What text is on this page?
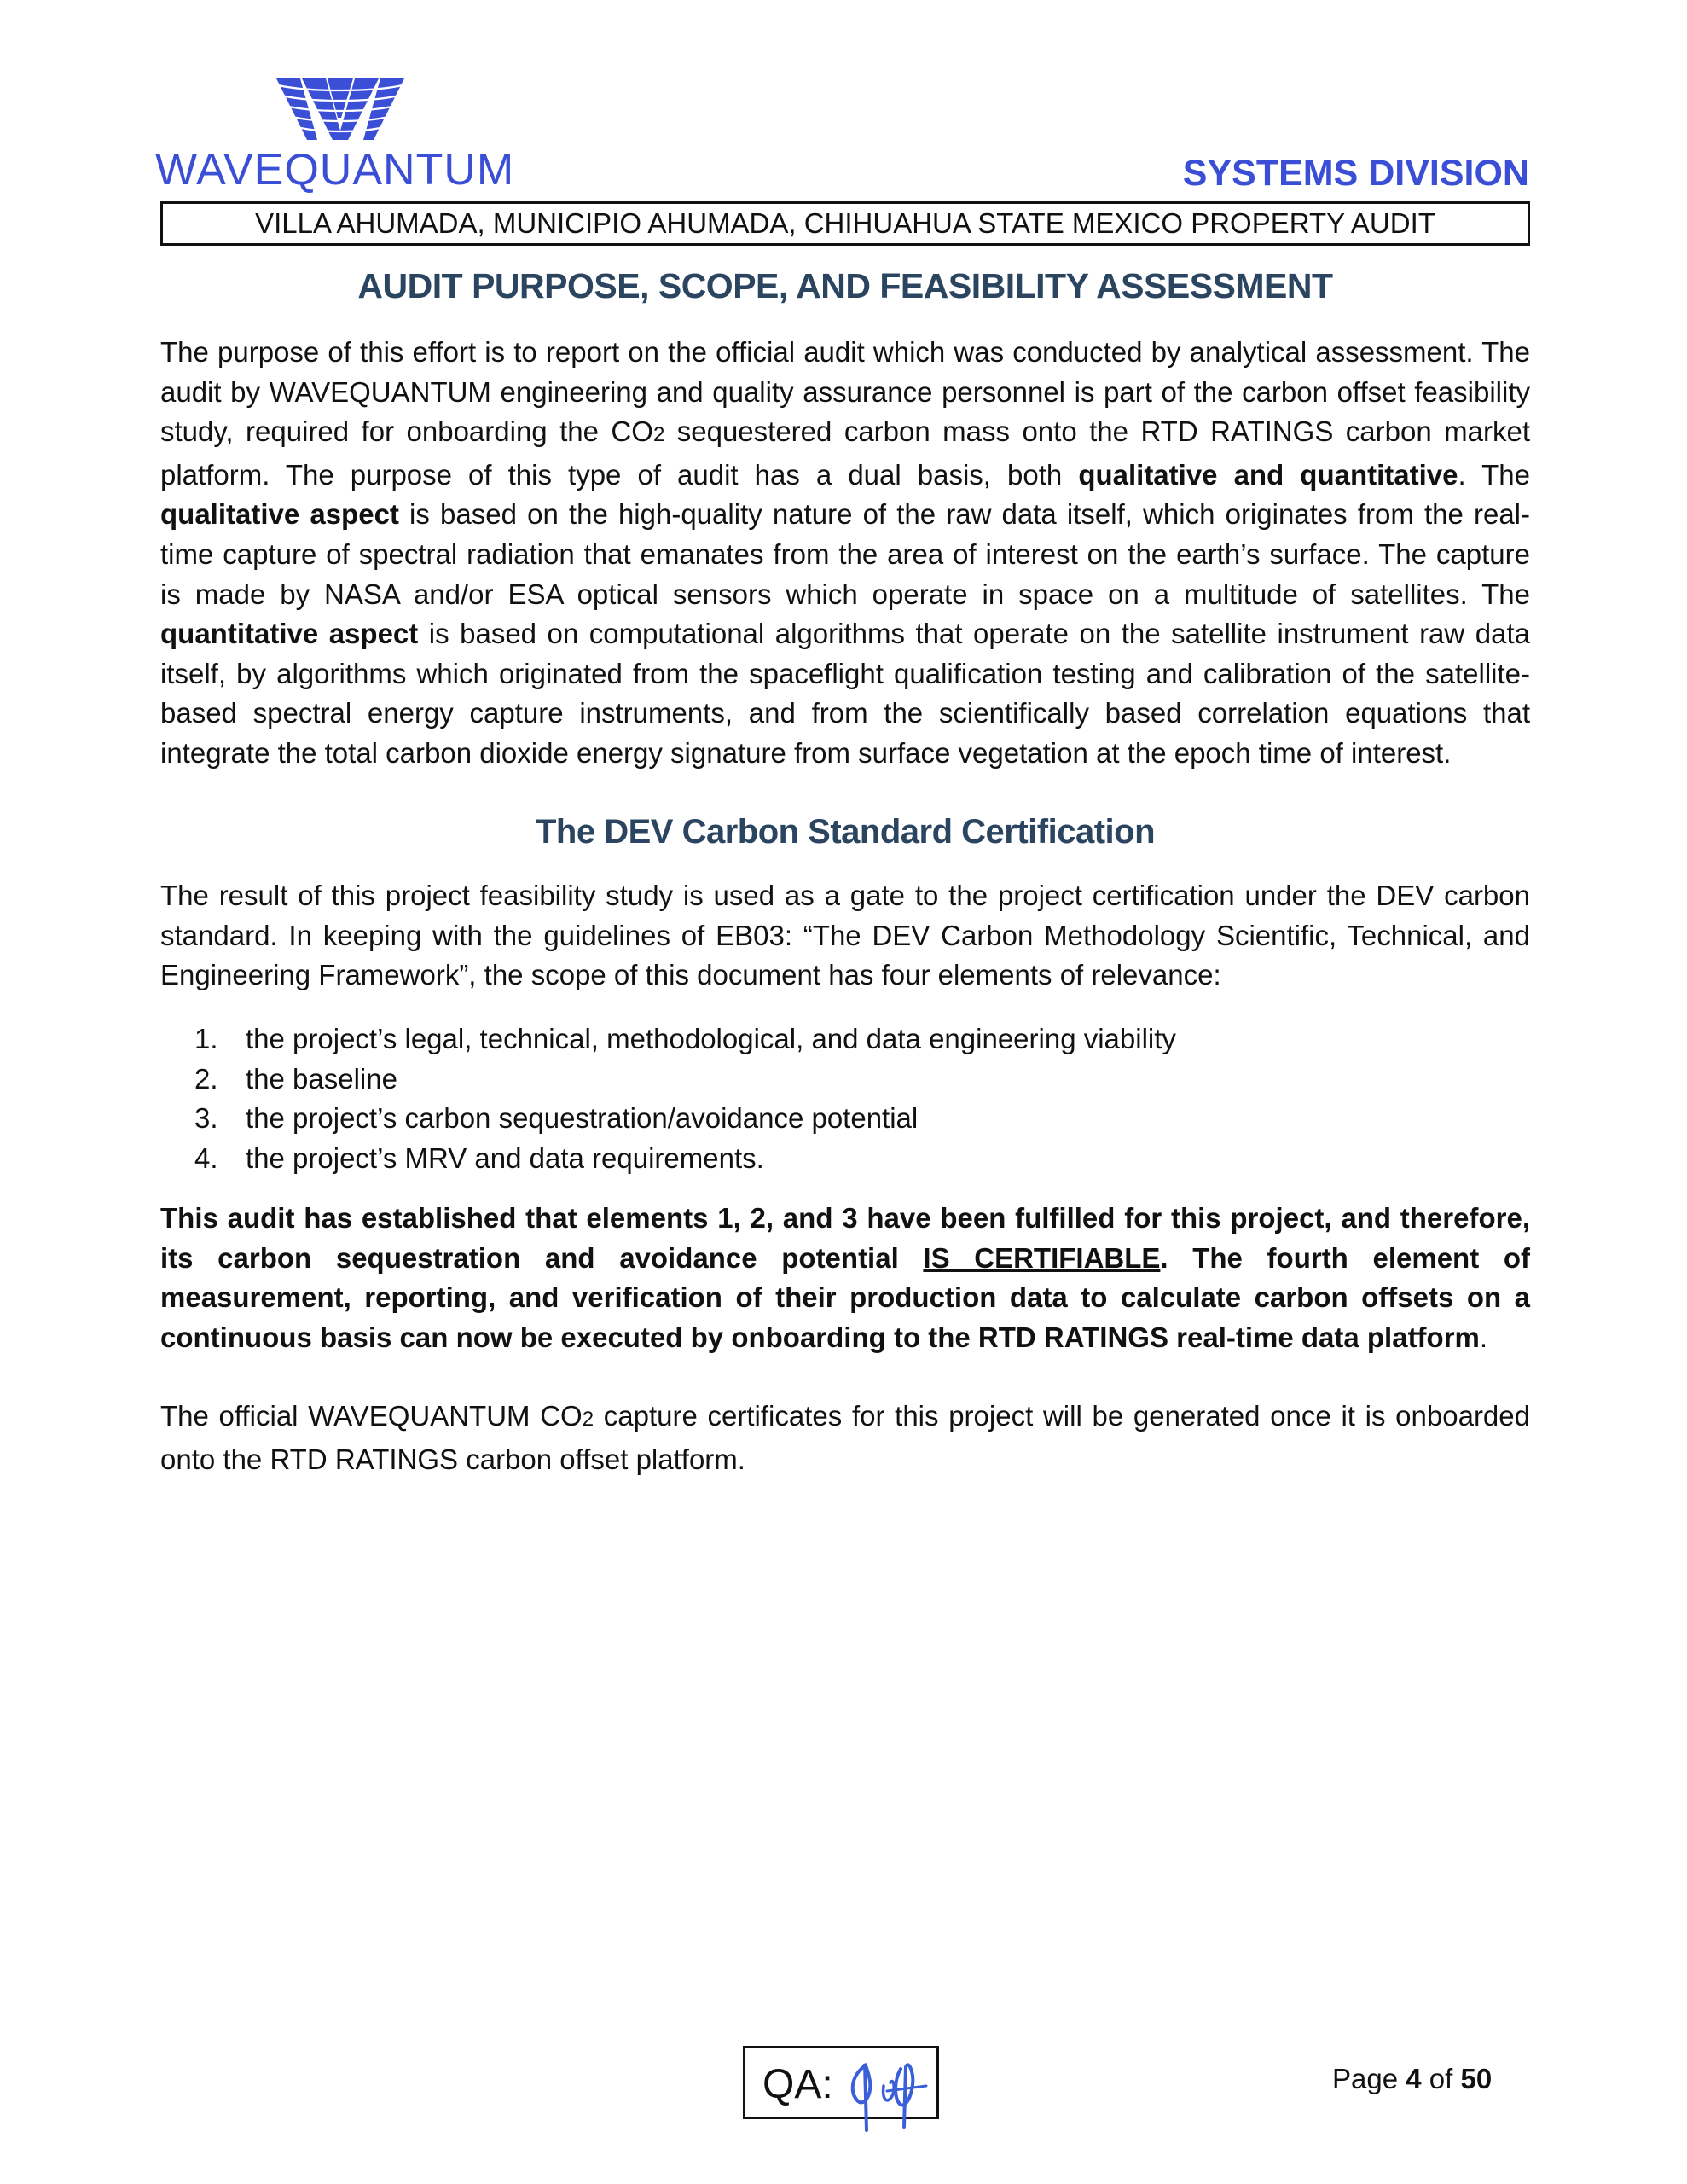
WAVEQUANTUM	SYSTEMS DIVISION
VILLA AHUMADA, MUNICIPIO AHUMADA, CHIHUAHUA STATE MEXICO PROPERTY AUDIT
AUDIT PURPOSE, SCOPE, AND FEASIBILITY ASSESSMENT

The purpose of this effort is to report on the official audit which was conducted by analytical assessment. The audit by WAVEQUANTUM engineering and quality assurance personnel is part of the carbon offset feasibility study, required for onboarding the CO2 sequestered carbon mass onto the RTD RATINGS carbon market platform. The purpose of this type of audit has a dual basis, both qualitative and quantitative. The qualitative aspect is based on the high-quality nature of the raw data itself, which originates from the real-time capture of spectral radiation that emanates from the area of interest on the earth’s surface. The capture is made by NASA and/or ESA optical sensors which operate in space on a multitude of satellites. The quantitative aspect is based on computational algorithms that operate on the satellite instrument raw data itself, by algorithms which originated from the spaceflight qualification testing and calibration of the satellite-based spectral energy capture instruments, and from the scientifically based correlation equations that integrate the total carbon dioxide energy signature from surface vegetation at the epoch time of interest.

The DEV Carbon Standard Certification

The result of this project feasibility study is used as a gate to the project certification under the DEV carbon standard. In keeping with the guidelines of EB03: “The DEV Carbon Methodology Scientific, Technical, and Engineering Framework”, the scope of this document has four elements of relevance:

1. the project’s legal, technical, methodological, and data engineering viability
2. the baseline
3. the project’s carbon sequestration/avoidance potential
4. the project’s MRV and data requirements.

This audit has established that elements 1, 2, and 3 have been fulfilled for this project, and therefore, its carbon sequestration and avoidance potential IS CERTIFIABLE. The fourth element of measurement, reporting, and verification of their production data to calculate carbon offsets on a continuous basis can now be executed by onboarding to the RTD RATINGS real-time data platform.

The official WAVEQUANTUM CO2 capture certificates for this project will be generated once it is onboarded onto the RTD RATINGS carbon offset platform.

QA:	Page 4 of 50
